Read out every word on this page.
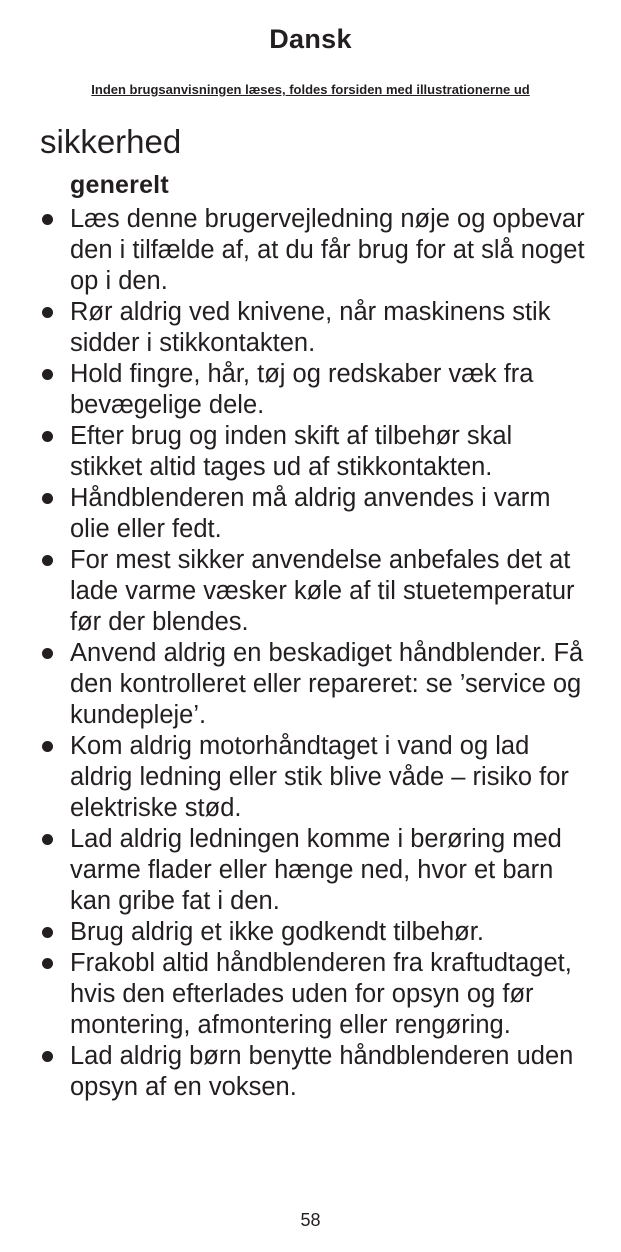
Dansk
Inden brugsanvisningen læses, foldes forsiden med illustrationerne ud
sikkerhed
generelt
Læs denne brugervejledning nøje og opbevar den i tilfælde af, at du får brug for at slå noget op i den.
Rør aldrig ved knivene, når maskinens stik sidder i stikkontakten.
Hold fingre, hår, tøj og redskaber væk fra bevægelige dele.
Efter brug og inden skift af tilbehør skal stikket altid tages ud af stikkontakten.
Håndblenderen må aldrig anvendes i varm olie eller fedt.
For mest sikker anvendelse anbefales det at lade varme væsker køle af til stuetemperatur før der blendes.
Anvend aldrig en beskadiget håndblender. Få den kontrolleret eller repareret: se ’service og kundepleje’.
Kom aldrig motorhåndtaget i vand og lad aldrig ledning eller stik blive våde – risiko for elektriske stød.
Lad aldrig ledningen komme i berøring med varme flader eller hænge ned, hvor et barn kan gribe fat i den.
Brug aldrig et ikke godkendt tilbehør.
Frakobl altid håndblenderen fra kraftudtaget, hvis den efterlades uden for opsyn og før montering, afmontering eller rengøring.
Lad aldrig børn benytte håndblenderen uden opsyn af en voksen.
58
